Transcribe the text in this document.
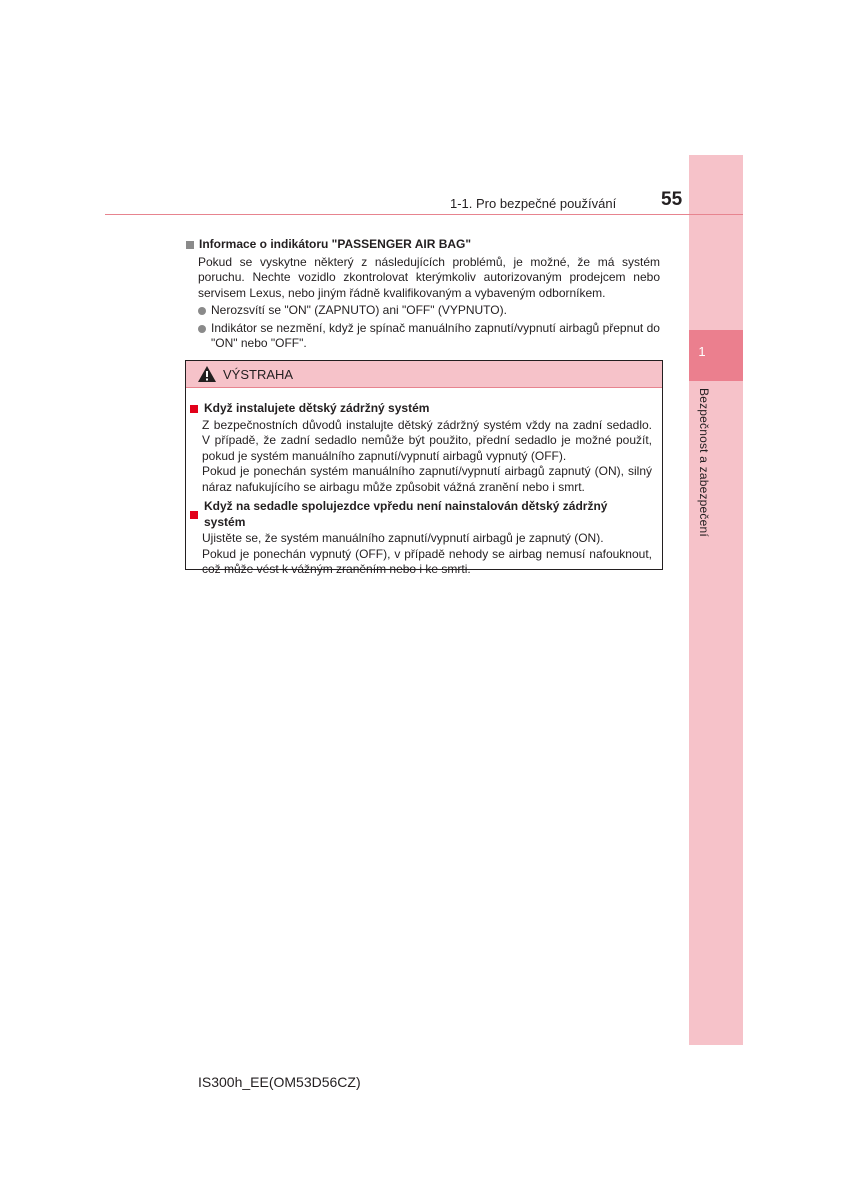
1
Bezpečnost a zabezpečení
1-1. Pro bezpečné používání 55
Informace o indikátoru "PASSENGER AIR BAG"
Pokud se vyskytne některý z následujících problémů, je možné, že má systém poruchu. Nechte vozidlo zkontrolovat kterýmkoliv autorizovaným prodejcem nebo servisem Lexus, nebo jiným řádně kvalifikovaným a vybaveným odborníkem.
Nerozsvítí se "ON" (ZAPNUTO) ani "OFF" (VYPNUTO).
Indikátor se nezmění, když je spínač manuálního zapnutí/vypnutí airbagů přepnut do "ON" nebo "OFF".
VÝSTRAHA
Když instalujete dětský zádržný systém
Z bezpečnostních důvodů instalujte dětský zádržný systém vždy na zadní sedadlo. V případě, že zadní sedadlo nemůže být použito, přední sedadlo je možné použít, pokud je systém manuálního zapnutí/vypnutí airbagů vypnutý (OFF).
Pokud je ponechán systém manuálního zapnutí/vypnutí airbagů zapnutý (ON), silný náraz nafukujícího se airbagu může způsobit vážná zranění nebo i smrt.
Když na sedadle spolujezdce vpředu není nainstalován dětský zádržný systém
Ujistěte se, že systém manuálního zapnutí/vypnutí airbagů je zapnutý (ON).
Pokud je ponechán vypnutý (OFF), v případě nehody se airbag nemusí nafouknout, což může vést k vážným zraněním nebo i ke smrti.
IS300h_EE(OM53D56CZ)
